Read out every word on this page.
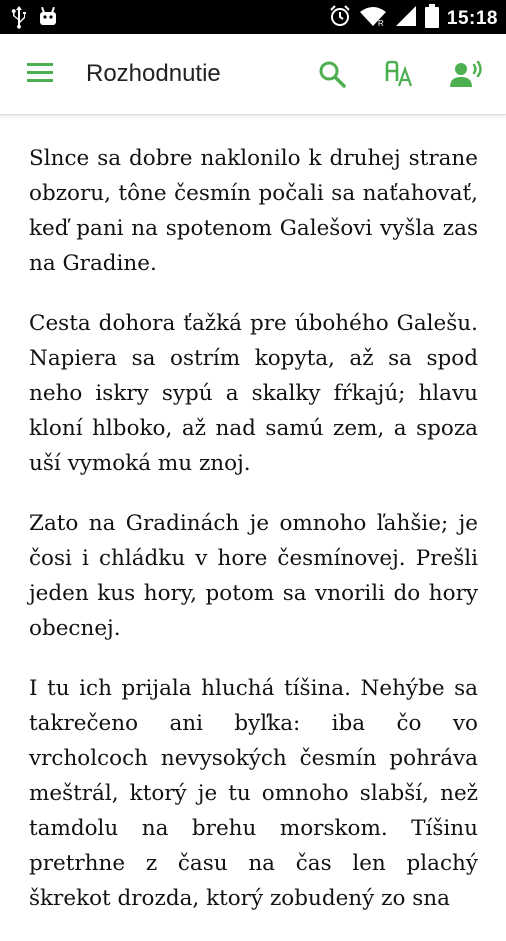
R	15:18
Rozhodnutie

Slnce sa dobre naklonilo k druhej strane obzoru, tône česmín počali sa naťahovať, keď pani na spotenom Galešovi vyšla zas na Gradine.

Cesta dohora ťažká pre úbohého Galešu. Napiera sa ostrím kopyta, až sa spod neho iskry sypú a skalky fŕkajú; hlavu kloní hlboko, až nad samú zem, a spoza uší vymoká mu znoj.

Zato na Gradinách je omnoho ľahšie; je čosi i chládku v hore česmínovej. Prešli jeden kus hory, potom sa vnorili do hory obecnej.

I tu ich prijala hluchá tíšina. Nehýbe sa takrečeno ani byľka: iba čo vo vrcholcoch nevysokých česmín pohráva meštrál, ktorý je tu omnoho slabší, než tamdolu na brehu morskom. Tíšinu pretrhne z času na čas len plachý škrekot drozda, ktorý zobudený zo sna
